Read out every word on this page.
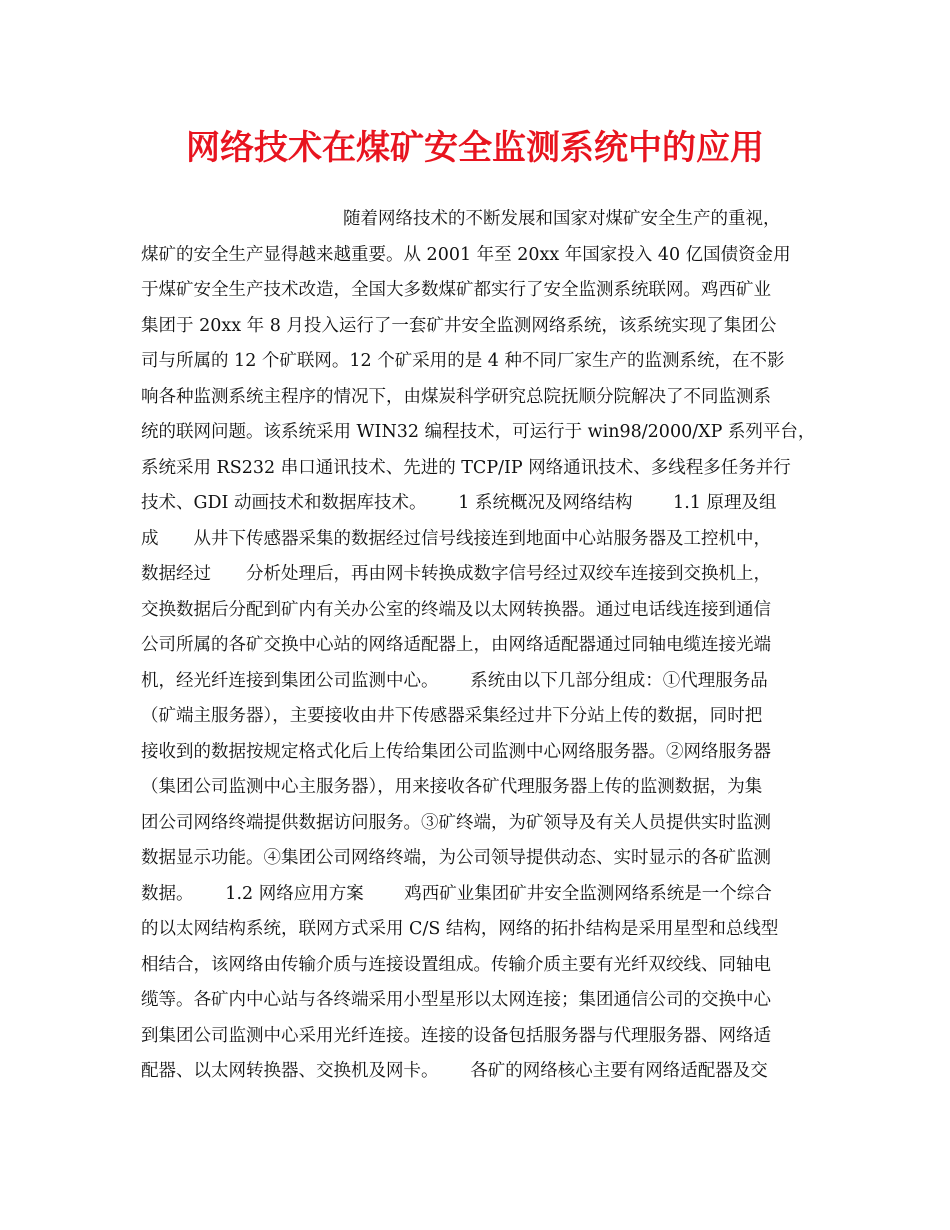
网络技术在煤矿安全监测系统中的应用
随着网络技术的不断发展和国家对煤矿安全生产的重视，
煤矿的安全生产显得越来越重要。从 2001 年至 20xx 年国家投入 40 亿国债资金用
于煤矿安全生产技术改造，全国大多数煤矿都实行了安全监测系统联网。鸡西矿业
集团于 20xx 年 8 月投入运行了一套矿井安全监测网络系统，该系统实现了集团公
司与所属的 12 个矿联网。12 个矿采用的是 4 种不同厂家生产的监测系统，在不影
响各种监测系统主程序的情况下，由煤炭科学研究总院抚顺分院解决了不同监测系
统的联网问题。该系统采用 WIN32 编程技术，可运行于 win98/2000/XP 系列平台，
系统采用 RS232 串口通讯技术、先进的 TCP/IP 网络通讯技术、多线程多任务并行
技术、GDI 动画技术和数据库技术。　　 1 系统概况及网络结构　　 1.1 原理及组
成　　从井下传感器采集的数据经过信号线接连到地面中心站服务器及工控机中，
数据经过　　分析处理后，再由网卡转换成数字信号经过双绞车连接到交换机上，
交换数据后分配到矿内有关办公室的终端及以太网转换器。通过电话线连接到通信
公司所属的各矿交换中心站的网络适配器上，由网络适配器通过同轴电缆连接光端
机，经光纤连接到集团公司监测中心。　　 系统由以下几部分组成：①代理服务品
（矿端主服务器），主要接收由井下传感器采集经过井下分站上传的数据，同时把
接收到的数据按规定格式化后上传给集团公司监测中心网络服务器。②网络服务器
（集团公司监测中心主服务器），用来接收各矿代理服务器上传的监测数据，为集
团公司网络终端提供数据访问服务。③矿终端，为矿领导及有关人员提供实时监测
数据显示功能。④集团公司网络终端，为公司领导提供动态、实时显示的各矿监测
数据。　　 1.2 网络应用方案　　 鸡西矿业集团矿井安全监测网络系统是一个综合
的以太网结构系统，联网方式采用 C/S 结构，网络的拓扑结构是采用星型和总线型
相结合，该网络由传输介质与连接设置组成。传输介质主要有光纤双绞线、同轴电
缆等。各矿内中心站与各终端采用小型星形以太网连接；集团通信公司的交换中心
到集团公司监测中心采用光纤连接。连接的设备包括服务器与代理服务器、网络适
配器、以太网转换器、交换机及网卡。　　 各矿的网络核心主要有网络适配器及交
